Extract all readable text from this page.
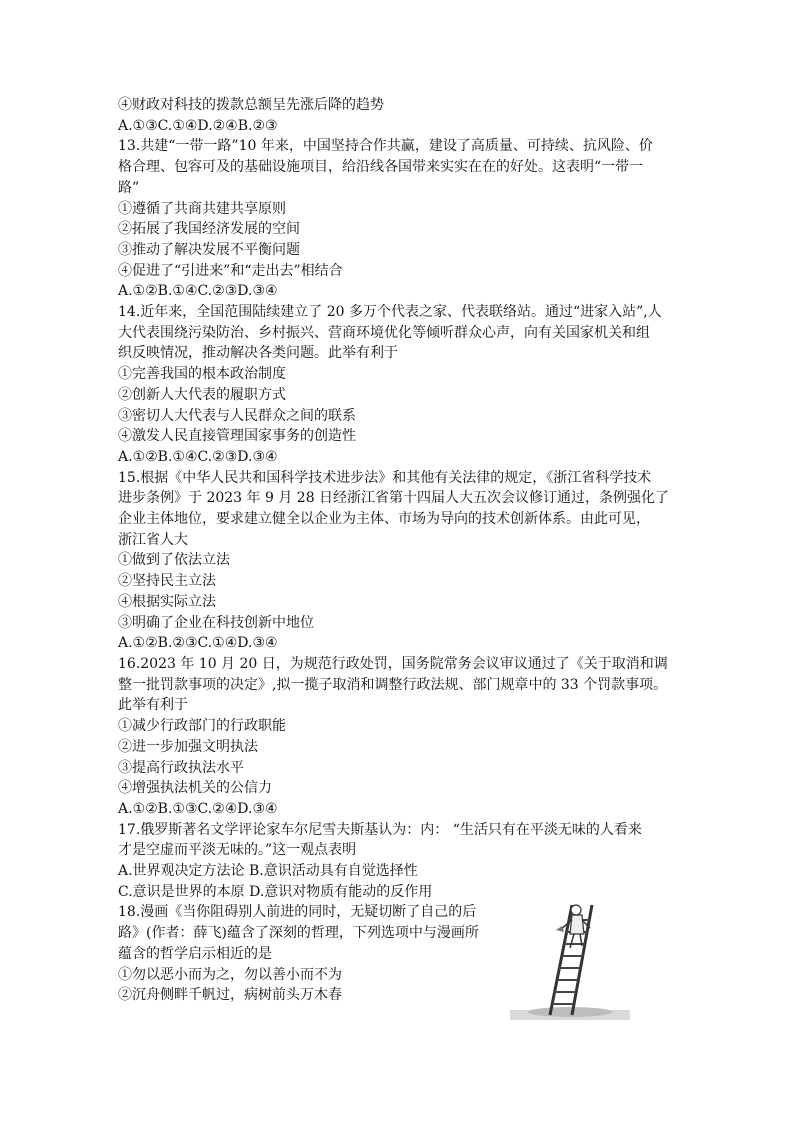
④财政对科技的拨款总额呈先涨后降的趋势
A.①③C.①④D.②④B.②③
13.共建“一带一路”10 年来，中国坚持合作共赢，建设了高质量、可持续、抗风险、价
格合理、包容可及的基础设施项目，给沿线各国带来实实在在的好处。这表明“一带一
路”
①遵循了共商共建共享原则
②拓展了我国经济发展的空间
③推动了解决发展不平衡问题
④促进了“引进来”和“走出去”相结合
A.①②B.①④C.②③D.③④
14.近年来，全国范围陆续建立了 20 多万个代表之家、代表联络站。通过“进家入站”,人
大代表围绕污染防治、乡村振兴、营商环境优化等倾听群众心声，向有关国家机关和组
织反映情况，推动解决各类问题。此举有利于
①完善我国的根本政治制度
②创新人大代表的履职方式
③密切人大代表与人民群众之间的联系
④激发人民直接管理国家事务的创造性
A.①②B.①④C.②③D.③④
15.根据《中华人民共和国科学技术进步法》和其他有关法律的规定，《浙江省科学技术
进步条例》于 2023 年 9 月 28 日经浙江省第十四届人大五次会议修订通过，条例强化了
企业主体地位，要求建立健全以企业为主体、市场为导向的技术创新体系。由此可见，
浙江省人大
①做到了依法立法
②坚持民主立法
④根据实际立法
③明确了企业在科技创新中地位
A.①②B.②③C.①④D.③④
16.2023 年 10 月 20 日，为规范行政处罚，国务院常务会议审议通过了《关于取消和调
整一批罚款事项的决定》,拟一揽子取消和调整行政法规、部门规章中的 33 个罚款事项。
此举有利于
①减少行政部门的行政职能
②进一步加强文明执法
③提高行政执法水平
④增强执法机关的公信力
A.①②B.①③C.②④D.③④
17.俄罗斯著名文学评论家车尔尼雪夫斯基认为：内： “生活只有在平淡无味的人看来
才是空虚而平淡无味的。”这一观点表明
A.世界观决定方法论 B.意识活动具有自觉选择性
C.意识是世界的本原 D.意识对物质有能动的反作用
18.漫画《当你阻碍别人前进的同时，无疑切断了自己的后
路》(作者：薛飞)蕴含了深刻的哲理，下列选项中与漫画所
蕴含的哲学启示相近的是
①勿以恶小而为之，勿以善小而不为
②沉舟侧畔千帆过，病树前头万木春
